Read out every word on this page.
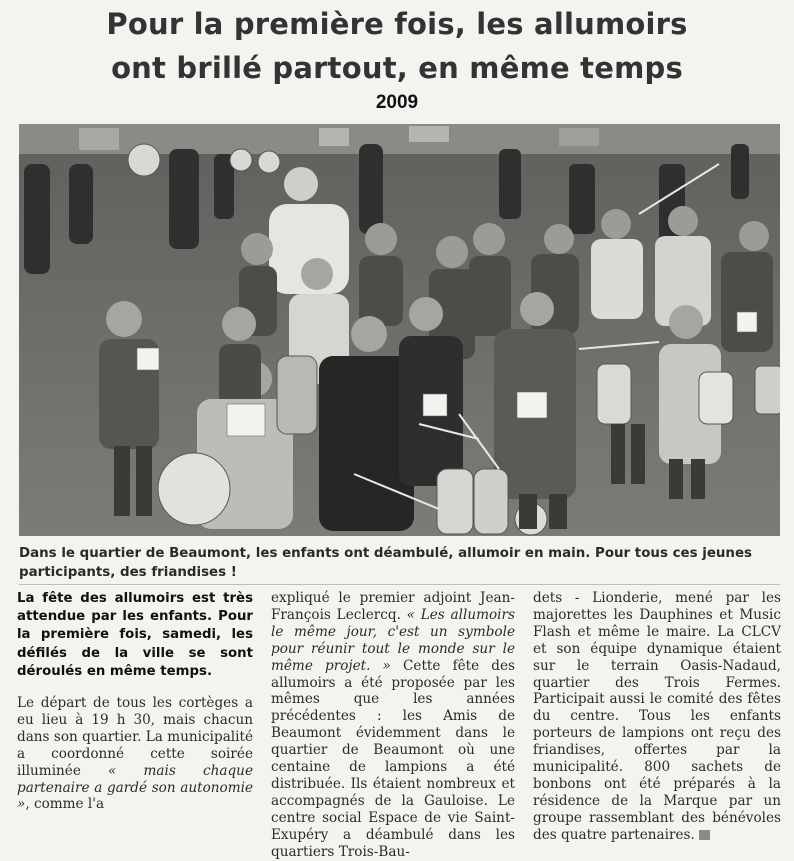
Pour la première fois, les allumoirs
ont brillé partout, en même temps
2009
Dans le quartier de Beaumont, les enfants ont déambulé, allumoir en main. Pour tous ces jeunes participants, des friandises !

La fête des allumoirs est très attendue par les enfants. Pour la première fois, samedi, les défilés de la ville se sont déroulés en même temps.

Le départ de tous les cortèges a eu lieu à 19 h 30, mais chacun dans son quartier. La municipalité a coordonné cette soirée illuminée « mais chaque partenaire a gardé son autonomie », comme l'a

expliqué le premier adjoint Jean-François Leclercq. « Les allumoirs le même jour, c'est un symbole pour réunir tout le monde sur le même projet. » Cette fête des allumoirs a été proposée par les mêmes que les années précédentes : les Amis de Beaumont évidemment dans le quartier de Beaumont où une centaine de lampions a été distribuée. Ils étaient nombreux et accompagnés de la Gauloise. Le centre social Espace de vie Saint-Exupéry a déambulé dans les quartiers Trois-Bau-

dets - Lionderie, mené par les majorettes les Dauphines et Music Flash et même le maire. La CLCV et son équipe dynamique étaient sur le terrain Oasis-Nadaud, quartier des Trois Fermes. Participait aussi le comité des fêtes du centre. Tous les enfants porteurs de lampions ont reçu des friandises, offertes par la municipalité. 800 sachets de bonbons ont été préparés à la résidence de la Marque par un groupe rassemblant des bénévoles des quatre partenaires.
